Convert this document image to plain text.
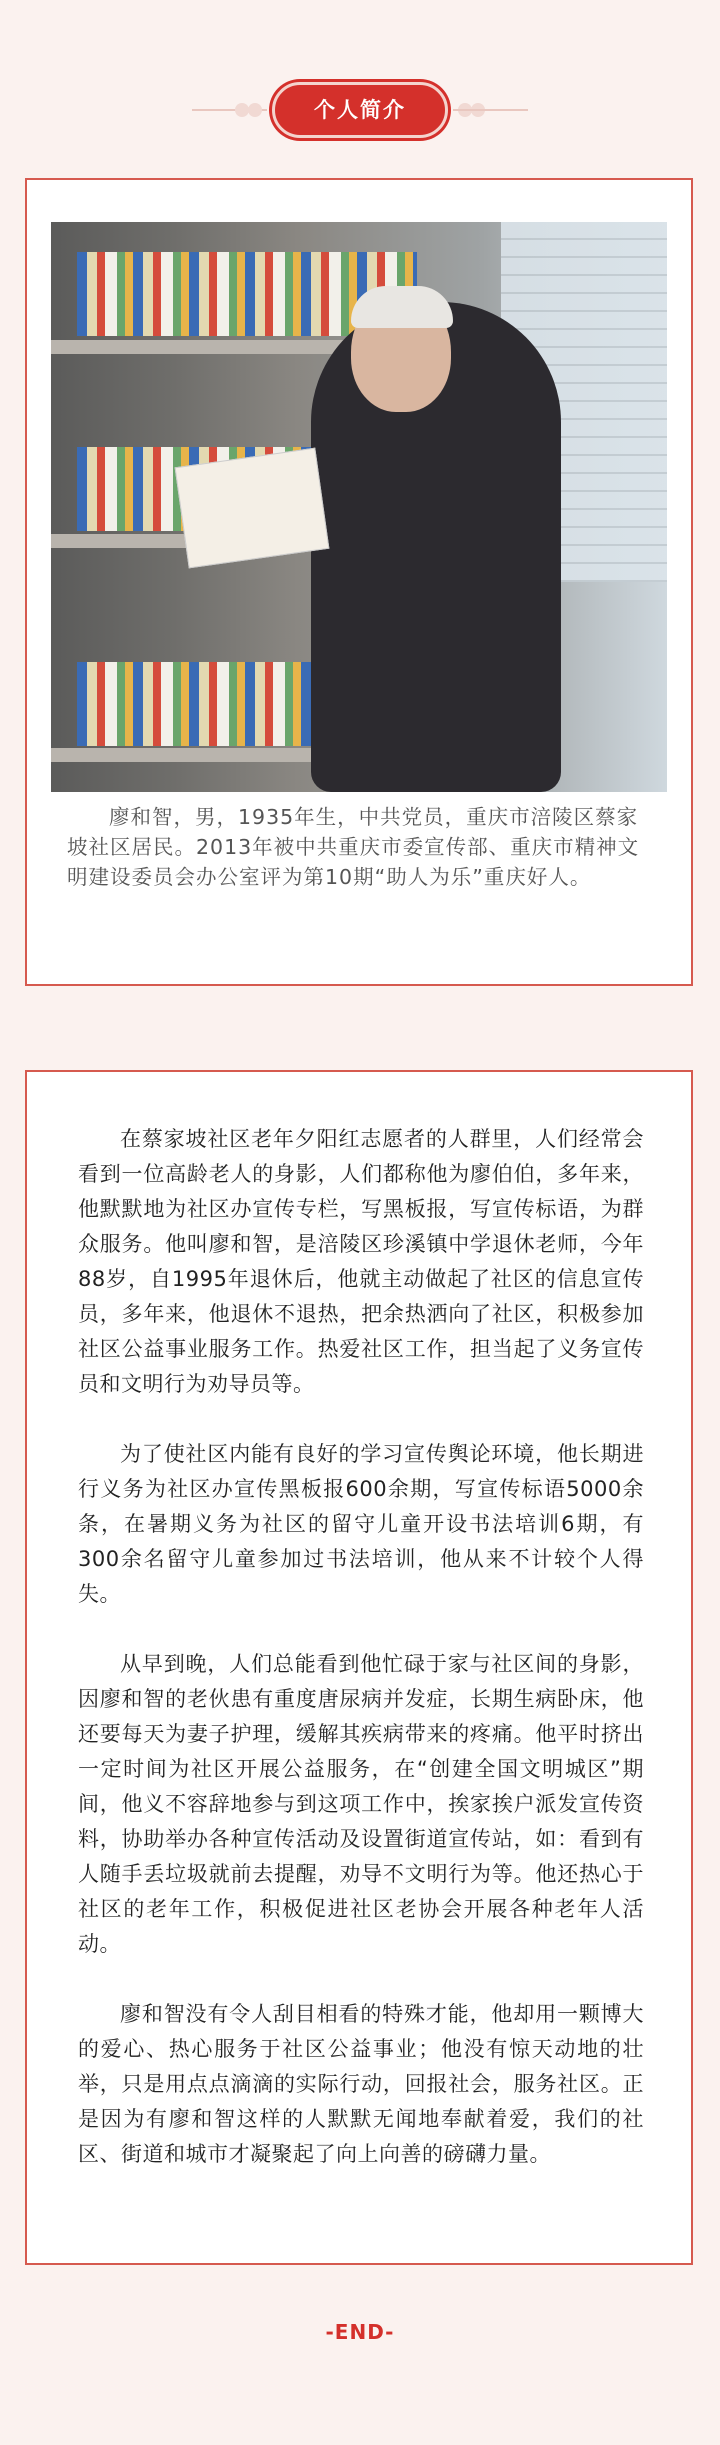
个人简介
廖和智，男，1935年生，中共党员，重庆市涪陵区蔡家坡社区居民。2013年被中共重庆市委宣传部、重庆市精神文明建设委员会办公室评为第10期“助人为乐”重庆好人。

在蔡家坡社区老年夕阳红志愿者的人群里，人们经常会看到一位高龄老人的身影，人们都称他为廖伯伯，多年来，他默默地为社区办宣传专栏，写黑板报，写宣传标语，为群众服务。他叫廖和智，是涪陵区珍溪镇中学退休老师，今年88岁，自1995年退休后，他就主动做起了社区的信息宣传员，多年来，他退休不退热，把余热洒向了社区，积极参加社区公益事业服务工作。热爱社区工作，担当起了义务宣传员和文明行为劝导员等。

为了使社区内能有良好的学习宣传舆论环境，他长期进行义务为社区办宣传黑板报600余期，写宣传标语5000余条，在暑期义务为社区的留守儿童开设书法培训6期，有300余名留守儿童参加过书法培训，他从来不计较个人得失。

从早到晚，人们总能看到他忙碌于家与社区间的身影，因廖和智的老伙患有重度唐尿病并发症，长期生病卧床，他还要每天为妻子护理，缓解其疾病带来的疼痛。他平时挤出一定时间为社区开展公益服务，在“创建全国文明城区”期间，他义不容辞地参与到这项工作中，挨家挨户派发宣传资料，协助举办各种宣传活动及设置街道宣传站，如：看到有人随手丢垃圾就前去提醒，劝导不文明行为等。他还热心于社区的老年工作，积极促进社区老协会开展各种老年人活动。

廖和智没有令人刮目相看的特殊才能，他却用一颗博大的爱心、热心服务于社区公益事业；他没有惊天动地的壮举，只是用点点滴滴的实际行动，回报社会，服务社区。正是因为有廖和智这样的人默默无闻地奉献着爱，我们的社区、街道和城市才凝聚起了向上向善的磅礴力量。

-END-
